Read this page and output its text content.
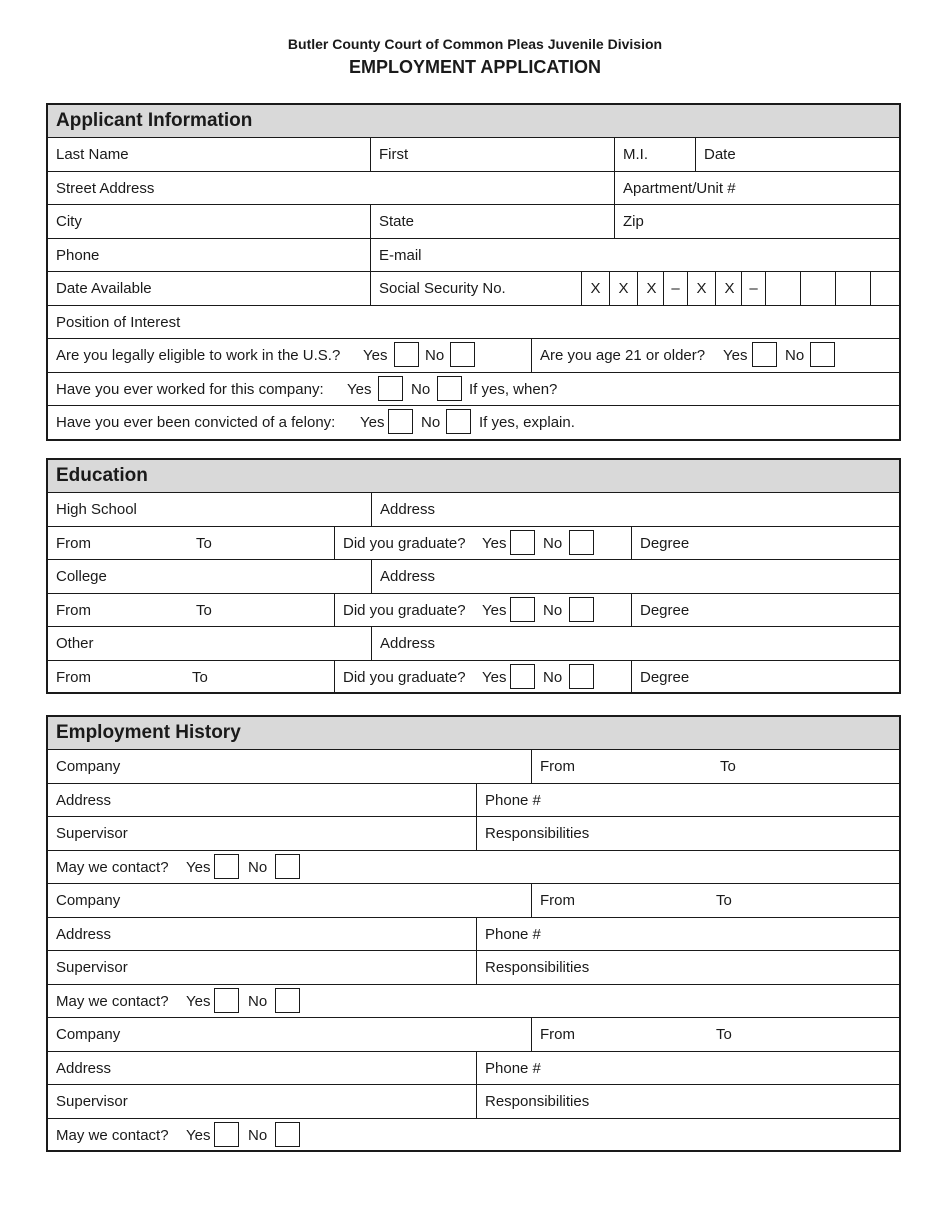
Butler County Court of Common Pleas Juvenile Division
EMPLOYMENT APPLICATION
Applicant Information
Last Name	First	M.I.	Date
Street Address	Apartment/Unit #
City	State	Zip
Phone	E-mail
Date Available	Social Security No.	X	X	X –	X	X –
Position of Interest
Are you legally eligible to work in the U.S.? Yes	No	Are you age 21 or older? Yes	No
Have you ever worked for this company: Yes	No	If yes, when?
Have you ever been convicted of a felony: Yes No	If yes, explain.
Education
High School	Address
From	To	Did you graduate? Yes No	Degree
College	Address
From	To	Did you graduate? Yes No	Degree
Other	Address
From	To	Did you graduate? Yes No	Degree
Employment History
Company	From	To
Address	Phone #
Supervisor	Responsibilities
May we contact? Yes	No
Company	From	To
Address	Phone #
Supervisor	Responsibilities
May we contact? Yes	No
Company	From	To
Address	Phone #
Supervisor	Responsibilities
May we contact? Yes	No
